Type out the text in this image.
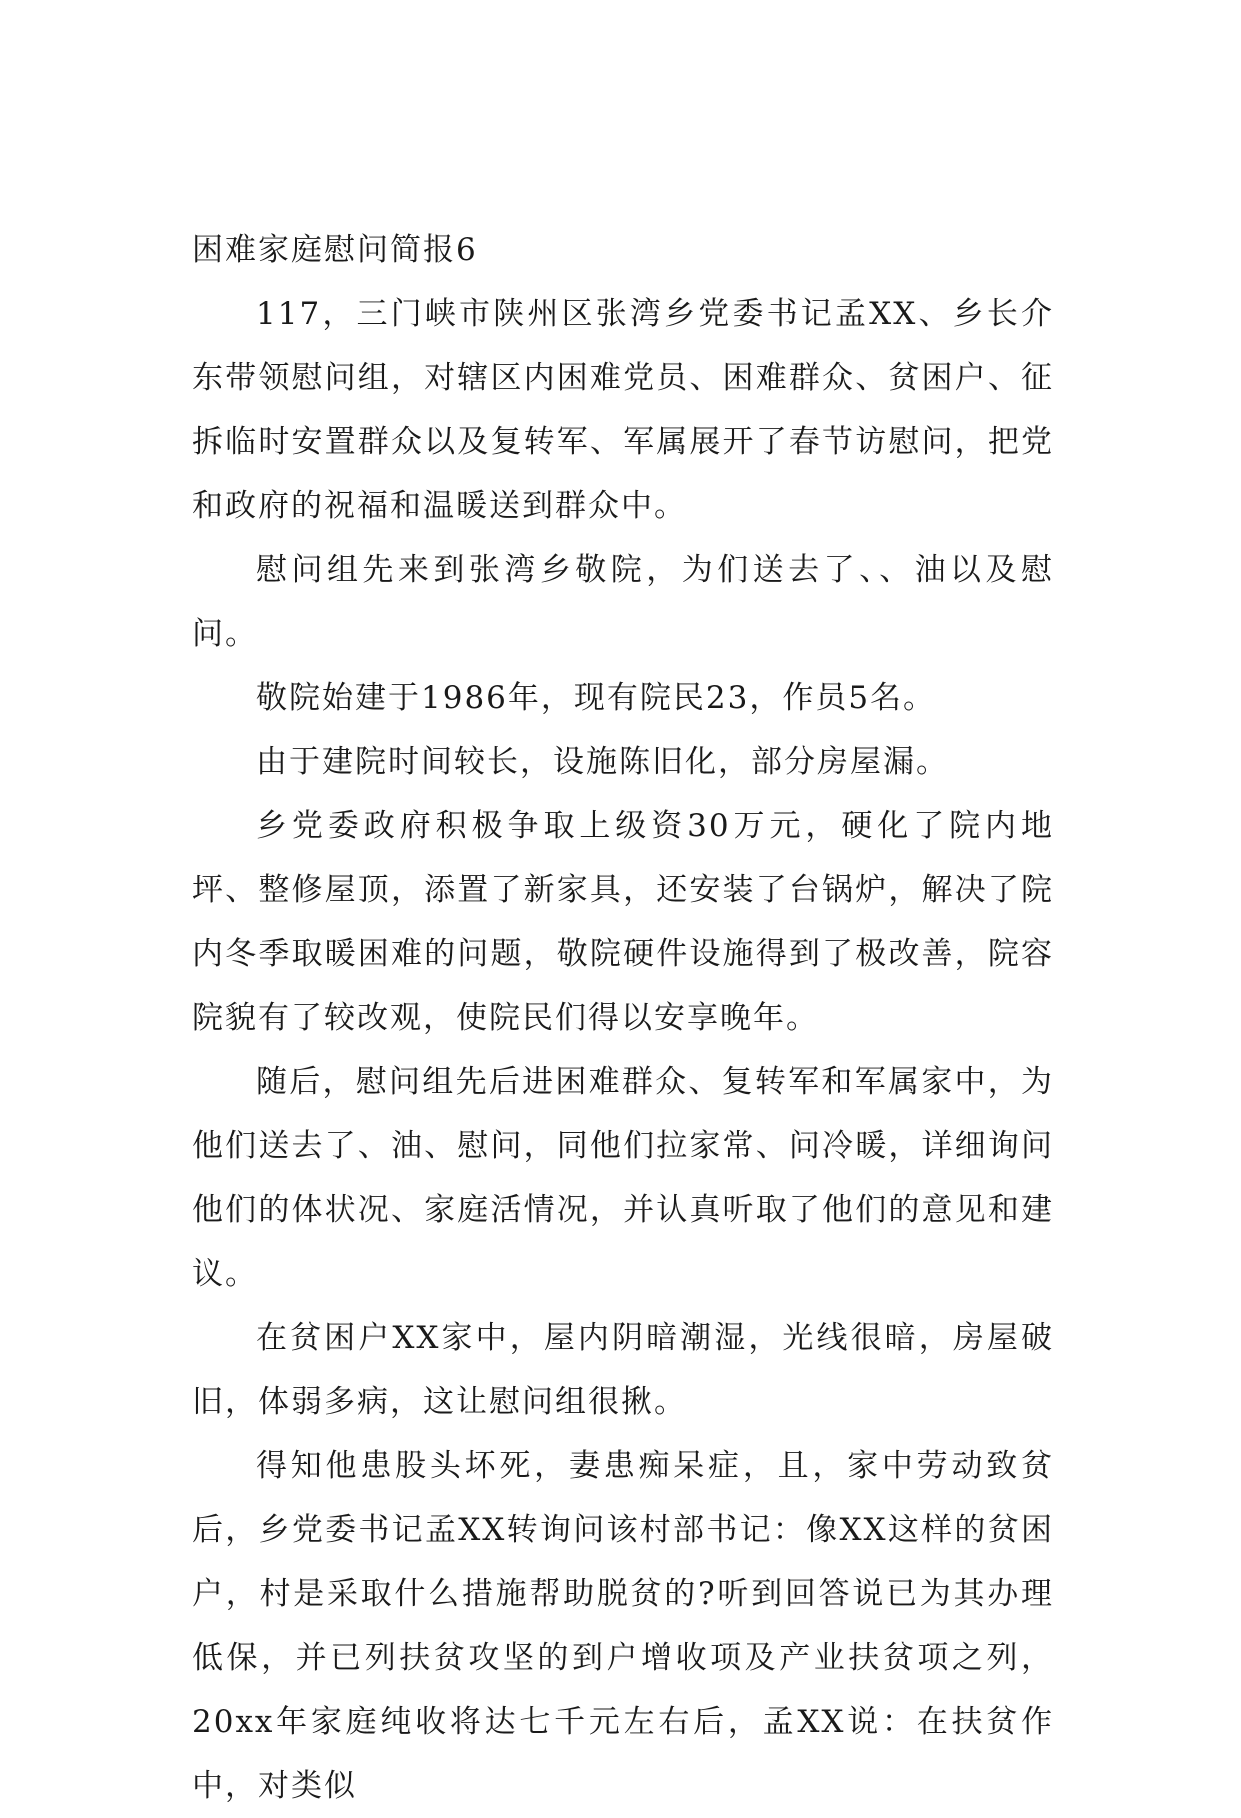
困难家庭慰问简报6

117，三门峡市陕州区张湾乡党委书记孟XX、乡长介东带领慰问组，对辖区内困难党员、困难群众、贫困户、征拆临时安置群众以及复转军、军属展开了春节访慰问，把党和政府的祝福和温暖送到群众中。

慰问组先来到张湾乡敬院，为们送去了、、油以及慰问。

敬院始建于1986年，现有院民23，作员5名。

由于建院时间较长，设施陈旧化，部分房屋漏。

乡党委政府积极争取上级资30万元，硬化了院内地坪、整修屋顶，添置了新家具，还安装了台锅炉，解决了院内冬季取暖困难的问题，敬院硬件设施得到了极改善，院容院貌有了较改观，使院民们得以安享晚年。

随后，慰问组先后进困难群众、复转军和军属家中，为他们送去了、油、慰问，同他们拉家常、问冷暖，详细询问他们的体状况、家庭活情况，并认真听取了他们的意见和建议。

在贫困户XX家中，屋内阴暗潮湿，光线很暗，房屋破旧，体弱多病，这让慰问组很揪。

得知他患股头坏死，妻患痴呆症，且，家中劳动致贫后，乡党委书记孟XX转询问该村部书记：像XX这样的贫困户，村是采取什么措施帮助脱贫的?听到回答说已为其办理低保，并已列扶贫攻坚的到户增收项及产业扶贫项之列，20xx年家庭纯收将达七千元左右后，孟XX说：在扶贫作中，对类似
